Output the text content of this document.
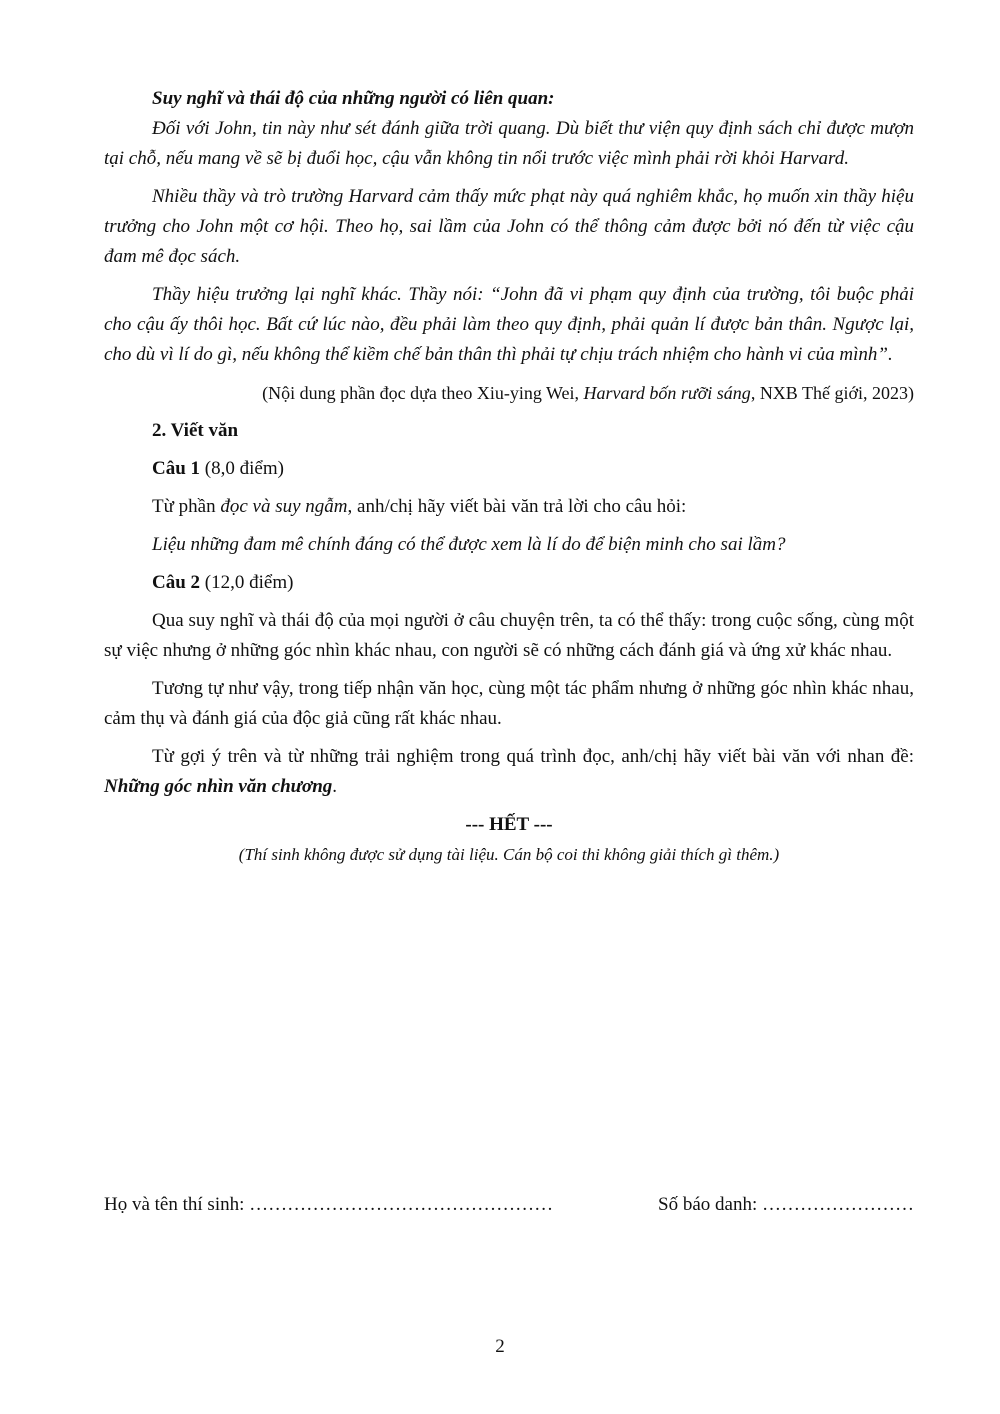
Suy nghĩ và thái độ của những người có liên quan:

Đối với John, tin này như sét đánh giữa trời quang. Dù biết thư viện quy định sách chỉ được mượn tại chỗ, nếu mang về sẽ bị đuổi học, cậu vẫn không tin nổi trước việc mình phải rời khỏi Harvard.

Nhiều thầy và trò trường Harvard cảm thấy mức phạt này quá nghiêm khắc, họ muốn xin thầy hiệu trưởng cho John một cơ hội. Theo họ, sai lầm của John có thể thông cảm được bởi nó đến từ việc cậu đam mê đọc sách.

Thầy hiệu trưởng lại nghĩ khác. Thầy nói: “John đã vi phạm quy định của trường, tôi buộc phải cho cậu ấy thôi học. Bất cứ lúc nào, đều phải làm theo quy định, phải quản lí được bản thân. Ngược lại, cho dù vì lí do gì, nếu không thể kiềm chế bản thân thì phải tự chịu trách nhiệm cho hành vi của mình”.

(Nội dung phần đọc dựa theo Xiu-ying Wei, Harvard bốn rưỡi sáng, NXB Thế giới, 2023)

2. Viết văn

Câu 1 (8,0 điểm)

Từ phần đọc và suy ngẫm, anh/chị hãy viết bài văn trả lời cho câu hỏi:

Liệu những đam mê chính đáng có thể được xem là lí do để biện minh cho sai lầm?

Câu 2 (12,0 điểm)

Qua suy nghĩ và thái độ của mọi người ở câu chuyện trên, ta có thể thấy: trong cuộc sống, cùng một sự việc nhưng ở những góc nhìn khác nhau, con người sẽ có những cách đánh giá và ứng xử khác nhau.

Tương tự như vậy, trong tiếp nhận văn học, cùng một tác phẩm nhưng ở những góc nhìn khác nhau, cảm thụ và đánh giá của độc giả cũng rất khác nhau.

Từ gợi ý trên và từ những trải nghiệm trong quá trình đọc, anh/chị hãy viết bài văn với nhan đề: Những góc nhìn văn chương.

--- HẾT ---

(Thí sinh không được sử dụng tài liệu. Cán bộ coi thi không giải thích gì thêm.)

Họ và tên thí sinh: …………………………………………	Số báo danh: ……………………
2
